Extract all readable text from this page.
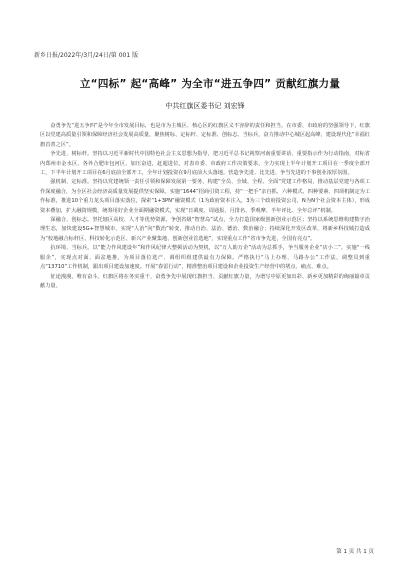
新乡日报/2022年/3月/24日/第 001 版
立“四标” 起“高峰” 为全市“进五争四” 贡献红旗力量
中共红旗区委书记 刘宏锋

奋勇争先“进五争四”是今年全市发展目标，也是市为主城区、核心区的红旗区义不容辞的责任和担当。在市委、市政府的坚强领导下，红旗区以党建高质量引领和保障经济社会发展高质量，聚焦树标、定标杆、定标准、创标志、当标兵，奋力推动中心城区起高峰，建设现代化“幸福红旗首善之区”。

争先进、树标杆。坚持以习近平新时代中国特色社会主义思想为指导，把习近平总书记视察河南重要讲话、重要指示作为行动指南，对标省内郑州市金水区、各外合肥市包河区，加压奋进，赶超进位。对表市委、市政府工作决策要求，全力实现上半年计划开工项目在一季度全部开工，下半年计划开工项目在6月底前全部开工，全年计划投资在9月底前大头落地。营造争先进、比先进、争当先进的干事创业浓厚氛围。

强机制、定标准。坚持以党建统领一责任引领和保障发展第一要务，构建“全员、全域、全程、全面”党建工作格局，推动基层党建与各项工作深度融合，为全区社会经济高质量发展提供坚实保障。实施“1644”招商引资工程，持“一把手”亲自抓、六种模式、四种要素、四项机制定为工作标准，推进10个重力龙头项目落实落位，探索“1+3PN”融资模式（1为政府资本注入，3为三个政府投资公司，N为N个社会资本主体），形成资本叠加，扩大融资规模，统筹用好企业全面期融资模式，实现“日调度、周通报、月排名、季观摩、半年评比、全年总评”机制。

深融合、创标志。坚托辖区高校、人才等优势资源，争创省级“智慧岛”试点，全力打造国家级创新创业示范区；坚持以系统思维构建数字治理生态，加快建设5G+智慧城市，实现“人治”向“数治”转变，推动自治、法治、德治、数治融合；持续深化开发区改革，将新乡科技城打造成为“校地融合标杆区、科技转化示范区、新兴产业聚集地、创新创业首选地”，实现重点工作“省市争先进，全国有亮点”。

抗环境、当标兵。以“能力作风建设年”和作风纪律大整顿活动为契机，以“万人助万企”活动为总抓手，争当服务企业“店小二”，实施“一线服企”，实现点对面、面盆地推，为项目落位选产、调组织组建供最有力保障。严格执行“马上办理、马路办公”工作法，调整员到重点“13710”工作机制，跟出项目建设加速度。开展“春雷行动”，精准整治项目建设和企业投资生产经营中的堵点、痛点、难点。

征途漫漫，唯有奋斗。红旗区将在务实重干、奋勇争先中展现红旗担当、贡献红旗力量，为谱写中原更加出彩、新乡更加精彩的绚丽篇章贡献力量。

第 1 页 共 1 页
